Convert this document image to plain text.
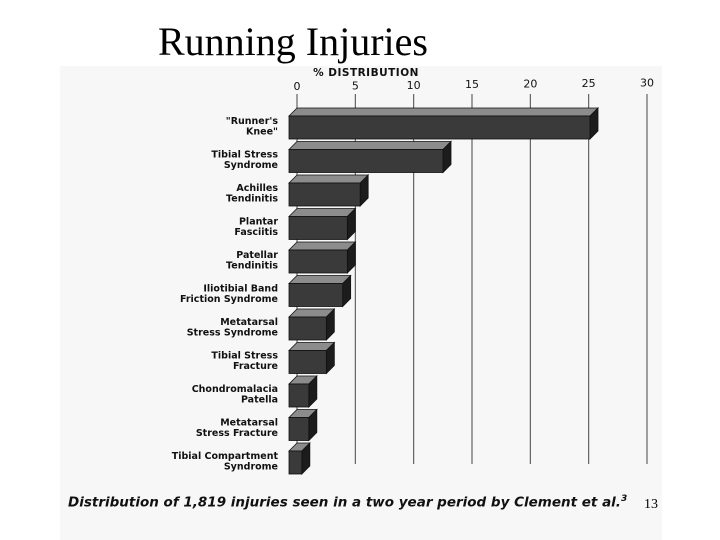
Running Injuries
0	5	10	15	20	25	30
% DISTRIBUTION
"Runner's
Knee"
Tibial Stress
Syndrome
Achilles
Tendinitis
Plantar
Fasciitis
Patellar
Tendinitis
Iliotibial Band
Friction Syndrome
Metatarsal
Stress Syndrome
Tibial Stress
Fracture
Chondromalacia
Patella
Metatarsal
Stress Fracture
Tibial Compartment
Syndrome
Distribution of 1,819 injuries seen in a two year period by Clement et al.$^3$ 13
